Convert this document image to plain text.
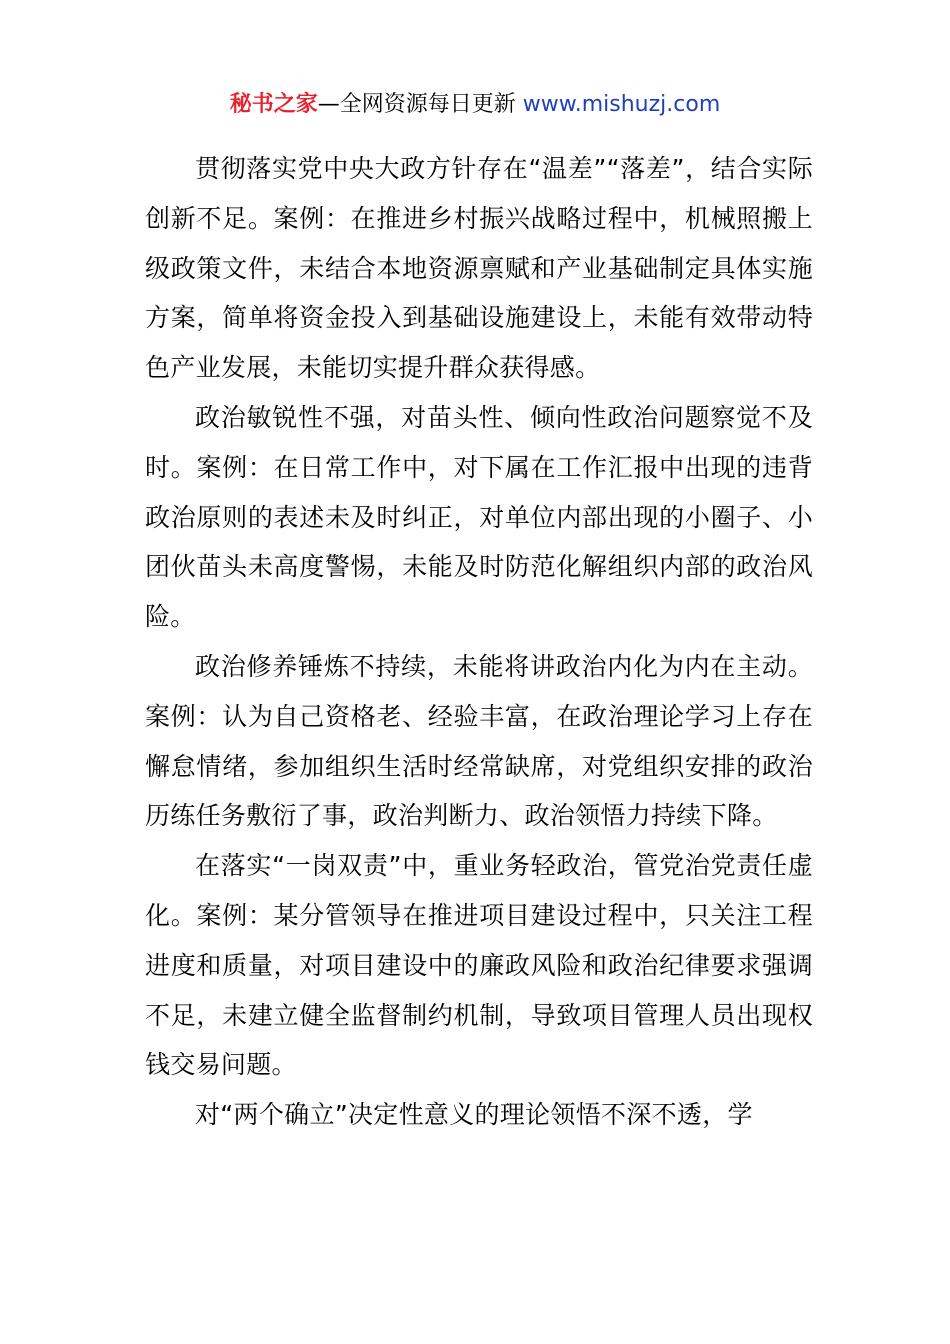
秘书之家—全网资源每日更新 www.mishuzj.com

贯彻落实党中央大政方针存在“温差”“落差”，结合实际创新不足。案例：在推进乡村振兴战略过程中，机械照搬上级政策文件，未结合本地资源禀赋和产业基础制定具体实施方案，简单将资金投入到基础设施建设上，未能有效带动特色产业发展，未能切实提升群众获得感。

政治敏锐性不强，对苗头性、倾向性政治问题察觉不及时。案例：在日常工作中，对下属在工作汇报中出现的违背政治原则的表述未及时纠正，对单位内部出现的小圈子、小团伙苗头未高度警惕，未能及时防范化解组织内部的政治风险。

政治修养锤炼不持续，未能将讲政治内化为内在主动。案例：认为自己资格老、经验丰富，在政治理论学习上存在懈怠情绪，参加组织生活时经常缺席，对党组织安排的政治历练任务敷衍了事，政治判断力、政治领悟力持续下降。

在落实“一岗双责”中，重业务轻政治，管党治党责任虚化。案例：某分管领导在推进项目建设过程中，只关注工程进度和质量，对项目建设中的廉政风险和政治纪律要求强调不足，未建立健全监督制约机制，导致项目管理人员出现权钱交易问题。

对“两个确立”决定性意义的理论领悟不深不透，学
